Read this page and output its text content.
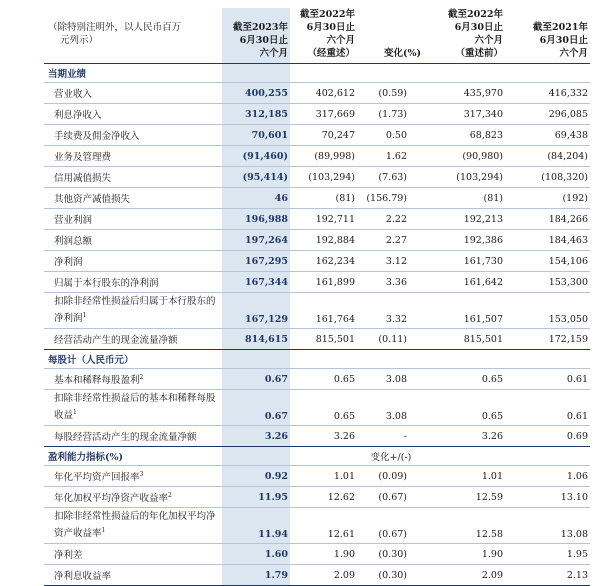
（除特别注明外，以人民币百万
元列示）	截至2023年
6月30日止
六个月	截至2022年
6月30日止
六个月
（经重述）	变化(%)	截至2022年
6月30日止
六个月
（重述前）	截至2021年
6月30日止
六个月

当期业绩					
营业收入	400,255	402,612	(0.59)	435,970	416,332
利息净收入	312,185	317,669	(1.73)	317,340	296,085
手续费及佣金净收入	70,601	70,247	0.50	68,823	69,438
业务及管理费	(91,460)	(89,998)	1.62	(90,980)	(84,204)
信用减值损失	(95,414)	(103,294)	(7.63)	(103,294)	(108,320)
其他资产减值损失	46	(81)	(156.79)	(81)	(192)
营业利润	196,988	192,711	2.22	192,213	184,266
利润总额	197,264	192,884	2.27	192,386	184,463
净利润	167,295	162,234	3.12	161,730	154,106
归属于本行股东的净利润	167,344	161,899	3.36	161,642	153,300
扣除非经常性损益后归属于本行股东的净利润$^1$	167,129	161,764	3.32	161,507	153,050
经营活动产生的现金流量净额	814,615	815,501	(0.11)	815,501	172,159
每股计（人民币元）					
基本和稀释每股盈利$^2$	0.67	0.65	3.08	0.65	0.61
扣除非经常性损益后的基本和稀释每股收益$^1$	0.67	0.65	3.08	0.65	0.61
每股经营活动产生的现金流量净额	3.26	3.26	-	3.26	0.69
盈利能力指标(%)			变化+/(-)		
年化平均资产回报率$^3$	0.92	1.01	(0.09)	1.01	1.06
年化加权平均净资产收益率$^2$	11.95	12.62	(0.67)	12.59	13.10
扣除非经常性损益后的年化加权平均净资产收益率$^1$	11.94	12.61	(0.67)	12.58	13.08
净利差	1.60	1.90	(0.30)	1.90	1.95
净利息收益率	1.79	2.09	(0.30)	2.09	2.13
